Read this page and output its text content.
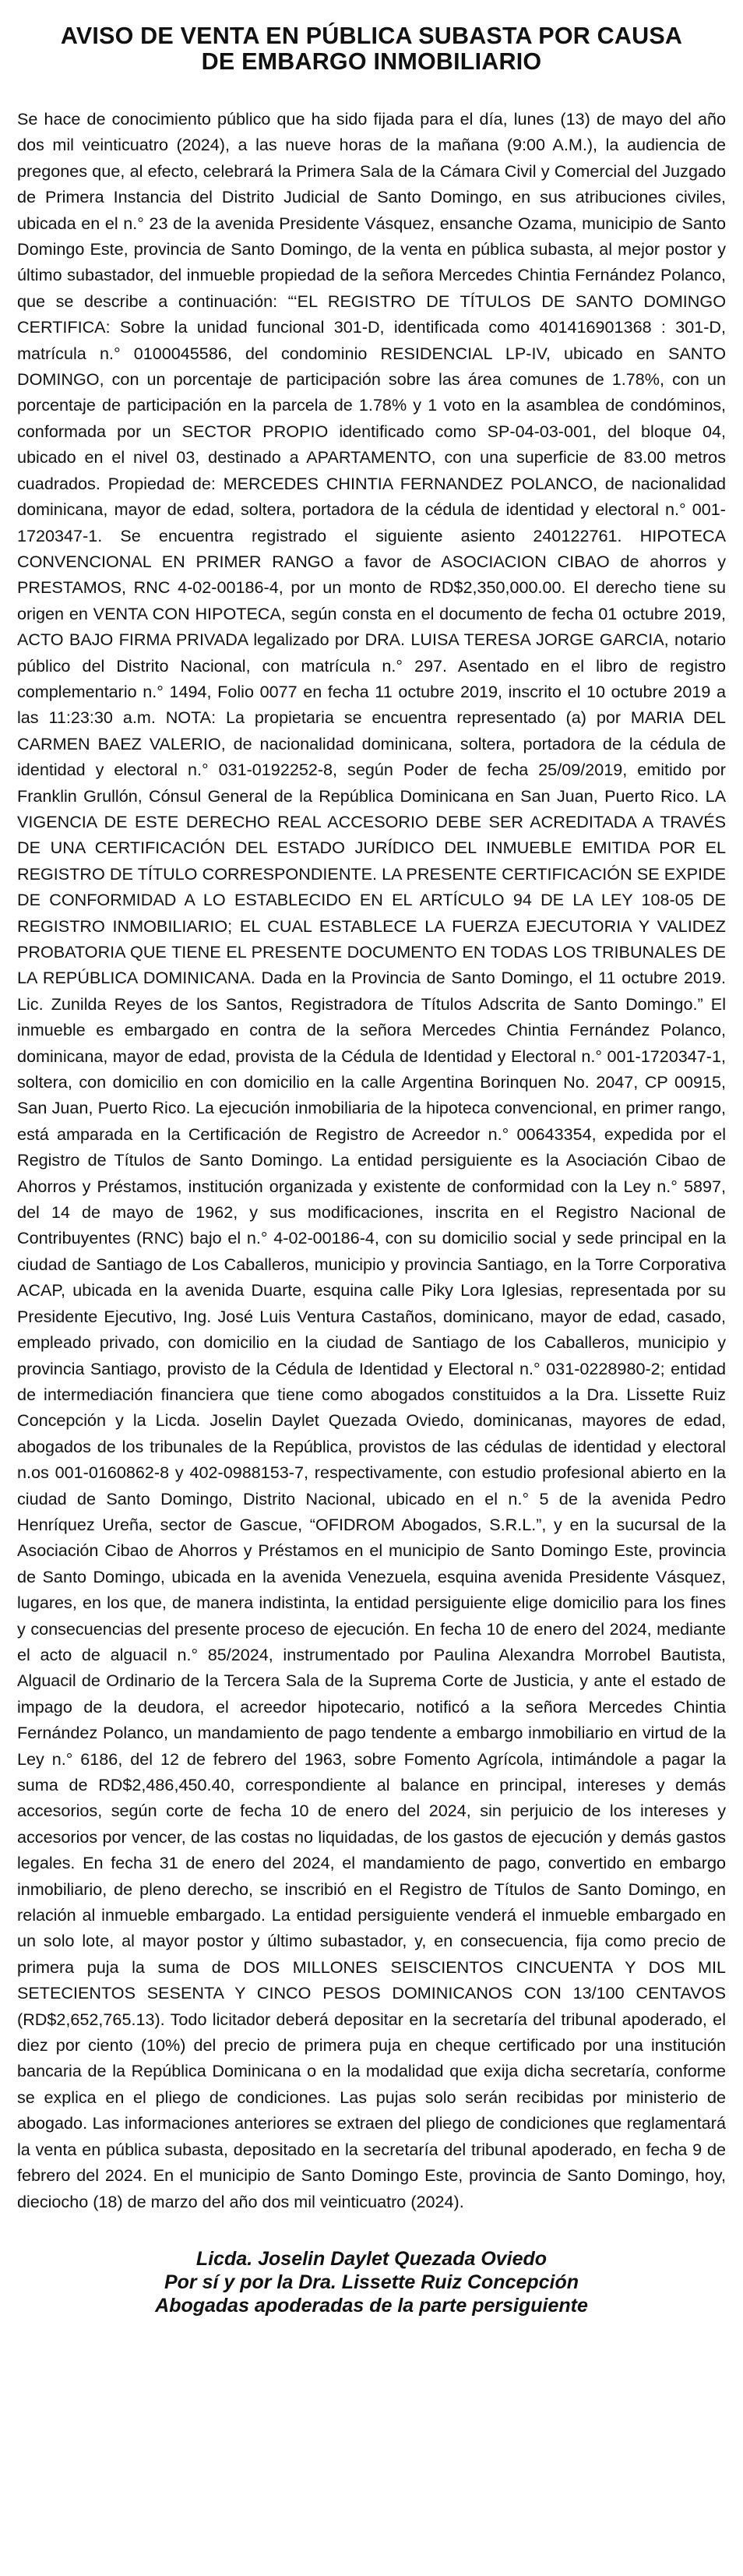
AVISO DE VENTA EN PÚBLICA SUBASTA POR CAUSA
DE EMBARGO INMOBILIARIO

Se hace de conocimiento público que ha sido fijada para el día, lunes (13) de mayo del año dos mil veinticuatro (2024), a las nueve horas de la mañana (9:00 A.M.), la audiencia de pregones que, al efecto, celebrará la Primera Sala de la Cámara Civil y Comercial del Juzgado de Primera Instancia del Distrito Judicial de Santo Domingo, en sus atribuciones civiles, ubicada en el n.° 23 de la avenida Presidente Vásquez, ensanche Ozama, municipio de Santo Domingo Este, provincia de Santo Domingo, de la venta en pública subasta, al mejor postor y último subastador, del inmueble propiedad de la señora Mercedes Chintia Fernández Polanco, que se describe a continuación: “‘EL REGISTRO DE TÍTULOS DE SANTO DOMINGO CERTIFICA: Sobre la unidad funcional 301-D, identificada como 401416901368 : 301-D, matrícula n.° 0100045586, del condominio RESIDENCIAL LP-IV, ubicado en SANTO DOMINGO, con un porcentaje de participación sobre las área comunes de 1.78%, con un porcentaje de participación en la parcela de 1.78% y 1 voto en la asamblea de condóminos, conformada por un SECTOR PROPIO identificado como SP-04-03-001, del bloque 04, ubicado en el nivel 03, destinado a APARTAMENTO, con una superficie de 83.00 metros cuadrados. Propiedad de: MERCEDES CHINTIA FERNANDEZ POLANCO, de nacionalidad dominicana, mayor de edad, soltera, portadora de la cédula de identidad y electoral n.° 001-1720347-1. Se encuentra registrado el siguiente asiento 240122761. HIPOTECA CONVENCIONAL EN PRIMER RANGO a favor de ASOCIACION CIBAO de ahorros y PRESTAMOS, RNC 4-02-00186-4, por un monto de RD$2,350,000.00. El derecho tiene su origen en VENTA CON HIPOTECA, según consta en el documento de fecha 01 octubre 2019, ACTO BAJO FIRMA PRIVADA legalizado por DRA. LUISA TERESA JORGE GARCIA, notario público del Distrito Nacional, con matrícula n.° 297. Asentado en el libro de registro complementario n.° 1494, Folio 0077 en fecha 11 octubre 2019, inscrito el 10 octubre 2019 a las 11:23:30 a.m. NOTA: La propietaria se encuentra representado (a) por MARIA DEL CARMEN BAEZ VALERIO, de nacionalidad dominicana, soltera, portadora de la cédula de identidad y electoral n.° 031-0192252-8, según Poder de fecha 25/09/2019, emitido por Franklin Grullón, Cónsul General de la República Dominicana en San Juan, Puerto Rico. LA VIGENCIA DE ESTE DERECHO REAL ACCESORIO DEBE SER ACREDITADA A TRAVÉS DE UNA CERTIFICACIÓN DEL ESTADO JURÍDICO DEL INMUEBLE EMITIDA POR EL REGISTRO DE TÍTULO CORRESPONDIENTE. LA PRESENTE CERTIFICACIÓN SE EXPIDE DE CONFORMIDAD A LO ESTABLECIDO EN EL ARTÍCULO 94 DE LA LEY 108-05 DE REGISTRO INMOBILIARIO; EL CUAL ESTABLECE LA FUERZA EJECUTORIA Y VALIDEZ PROBATORIA QUE TIENE EL PRESENTE DOCUMENTO EN TODAS LOS TRIBUNALES DE LA REPÚBLICA DOMINICANA. Dada en la Provincia de Santo Domingo, el 11 octubre 2019. Lic. Zunilda Reyes de los Santos, Registradora de Títulos Adscrita de Santo Domingo.” El inmueble es embargado en contra de la señora Mercedes Chintia Fernández Polanco, dominicana, mayor de edad, provista de la Cédula de Identidad y Electoral n.° 001-1720347-1, soltera, con domicilio en con domicilio en la calle Argentina Borinquen No. 2047, CP 00915, San Juan, Puerto Rico. La ejecución inmobiliaria de la hipoteca convencional, en primer rango, está amparada en la Certificación de Registro de Acreedor n.° 00643354, expedida por el Registro de Títulos de Santo Domingo. La entidad persiguiente es la Asociación Cibao de Ahorros y Préstamos, institución organizada y existente de conformidad con la Ley n.° 5897, del 14 de mayo de 1962, y sus modificaciones, inscrita en el Registro Nacional de Contribuyentes (RNC) bajo el n.° 4-02-00186-4, con su domicilio social y sede principal en la ciudad de Santiago de Los Caballeros, municipio y provincia Santiago, en la Torre Corporativa ACAP, ubicada en la avenida Duarte, esquina calle Piky Lora Iglesias, representada por su Presidente Ejecutivo, Ing. José Luis Ventura Castaños, dominicano, mayor de edad, casado, empleado privado, con domicilio en la ciudad de Santiago de los Caballeros, municipio y provincia Santiago, provisto de la Cédula de Identidad y Electoral n.° 031-0228980-2; entidad de intermediación financiera que tiene como abogados constituidos a la Dra. Lissette Ruiz Concepción y la Licda. Joselin Daylet Quezada Oviedo, dominicanas, mayores de edad, abogados de los tribunales de la República, provistos de las cédulas de identidad y electoral n.os 001-0160862-8 y 402-0988153-7, respectivamente, con estudio profesional abierto en la ciudad de Santo Domingo, Distrito Nacional, ubicado en el n.° 5 de la avenida Pedro Henríquez Ureña, sector de Gascue, “OFIDROM Abogados, S.R.L.”, y en la sucursal de la Asociación Cibao de Ahorros y Préstamos en el municipio de Santo Domingo Este, provincia de Santo Domingo, ubicada en la avenida Venezuela, esquina avenida Presidente Vásquez, lugares, en los que, de manera indistinta, la entidad persiguiente elige domicilio para los fines y consecuencias del presente proceso de ejecución. En fecha 10 de enero del 2024, mediante el acto de alguacil n.° 85/2024, instrumentado por Paulina Alexandra Morrobel Bautista, Alguacil de Ordinario de la Tercera Sala de la Suprema Corte de Justicia, y ante el estado de impago de la deudora, el acreedor hipotecario, notificó a la señora Mercedes Chintia Fernández Polanco, un mandamiento de pago tendente a embargo inmobiliario en virtud de la Ley n.° 6186, del 12 de febrero del 1963, sobre Fomento Agrícola, intimándole a pagar la suma de RD$2,486,450.40, correspondiente al balance en principal, intereses y demás accesorios, según corte de fecha 10 de enero del 2024, sin perjuicio de los intereses y accesorios por vencer, de las costas no liquidadas, de los gastos de ejecución y demás gastos legales. En fecha 31 de enero del 2024, el mandamiento de pago, convertido en embargo inmobiliario, de pleno derecho, se inscribió en el Registro de Títulos de Santo Domingo, en relación al inmueble embargado. La entidad persiguiente venderá el inmueble embargado en un solo lote, al mayor postor y último subastador, y, en consecuencia, fija como precio de primera puja la suma de DOS MILLONES SEISCIENTOS CINCUENTA Y DOS MIL SETECIENTOS SESENTA Y CINCO PESOS DOMINICANOS CON 13/100 CENTAVOS (RD$2,652,765.13). Todo licitador deberá depositar en la secretaría del tribunal apoderado, el diez por ciento (10%) del precio de primera puja en cheque certificado por una institución bancaria de la República Dominicana o en la modalidad que exija dicha secretaría, conforme se explica en el pliego de condiciones. Las pujas solo serán recibidas por ministerio de abogado. Las informaciones anteriores se extraen del pliego de condiciones que reglamentará la venta en pública subasta, depositado en la secretaría del tribunal apoderado, en fecha 9 de febrero del 2024. En el municipio de Santo Domingo Este, provincia de Santo Domingo, hoy, dieciocho (18) de marzo del año dos mil veinticuatro (2024).

Licda. Joselin Daylet Quezada Oviedo
Por sí y por la Dra. Lissette Ruiz Concepción
Abogadas apoderadas de la parte persiguiente
